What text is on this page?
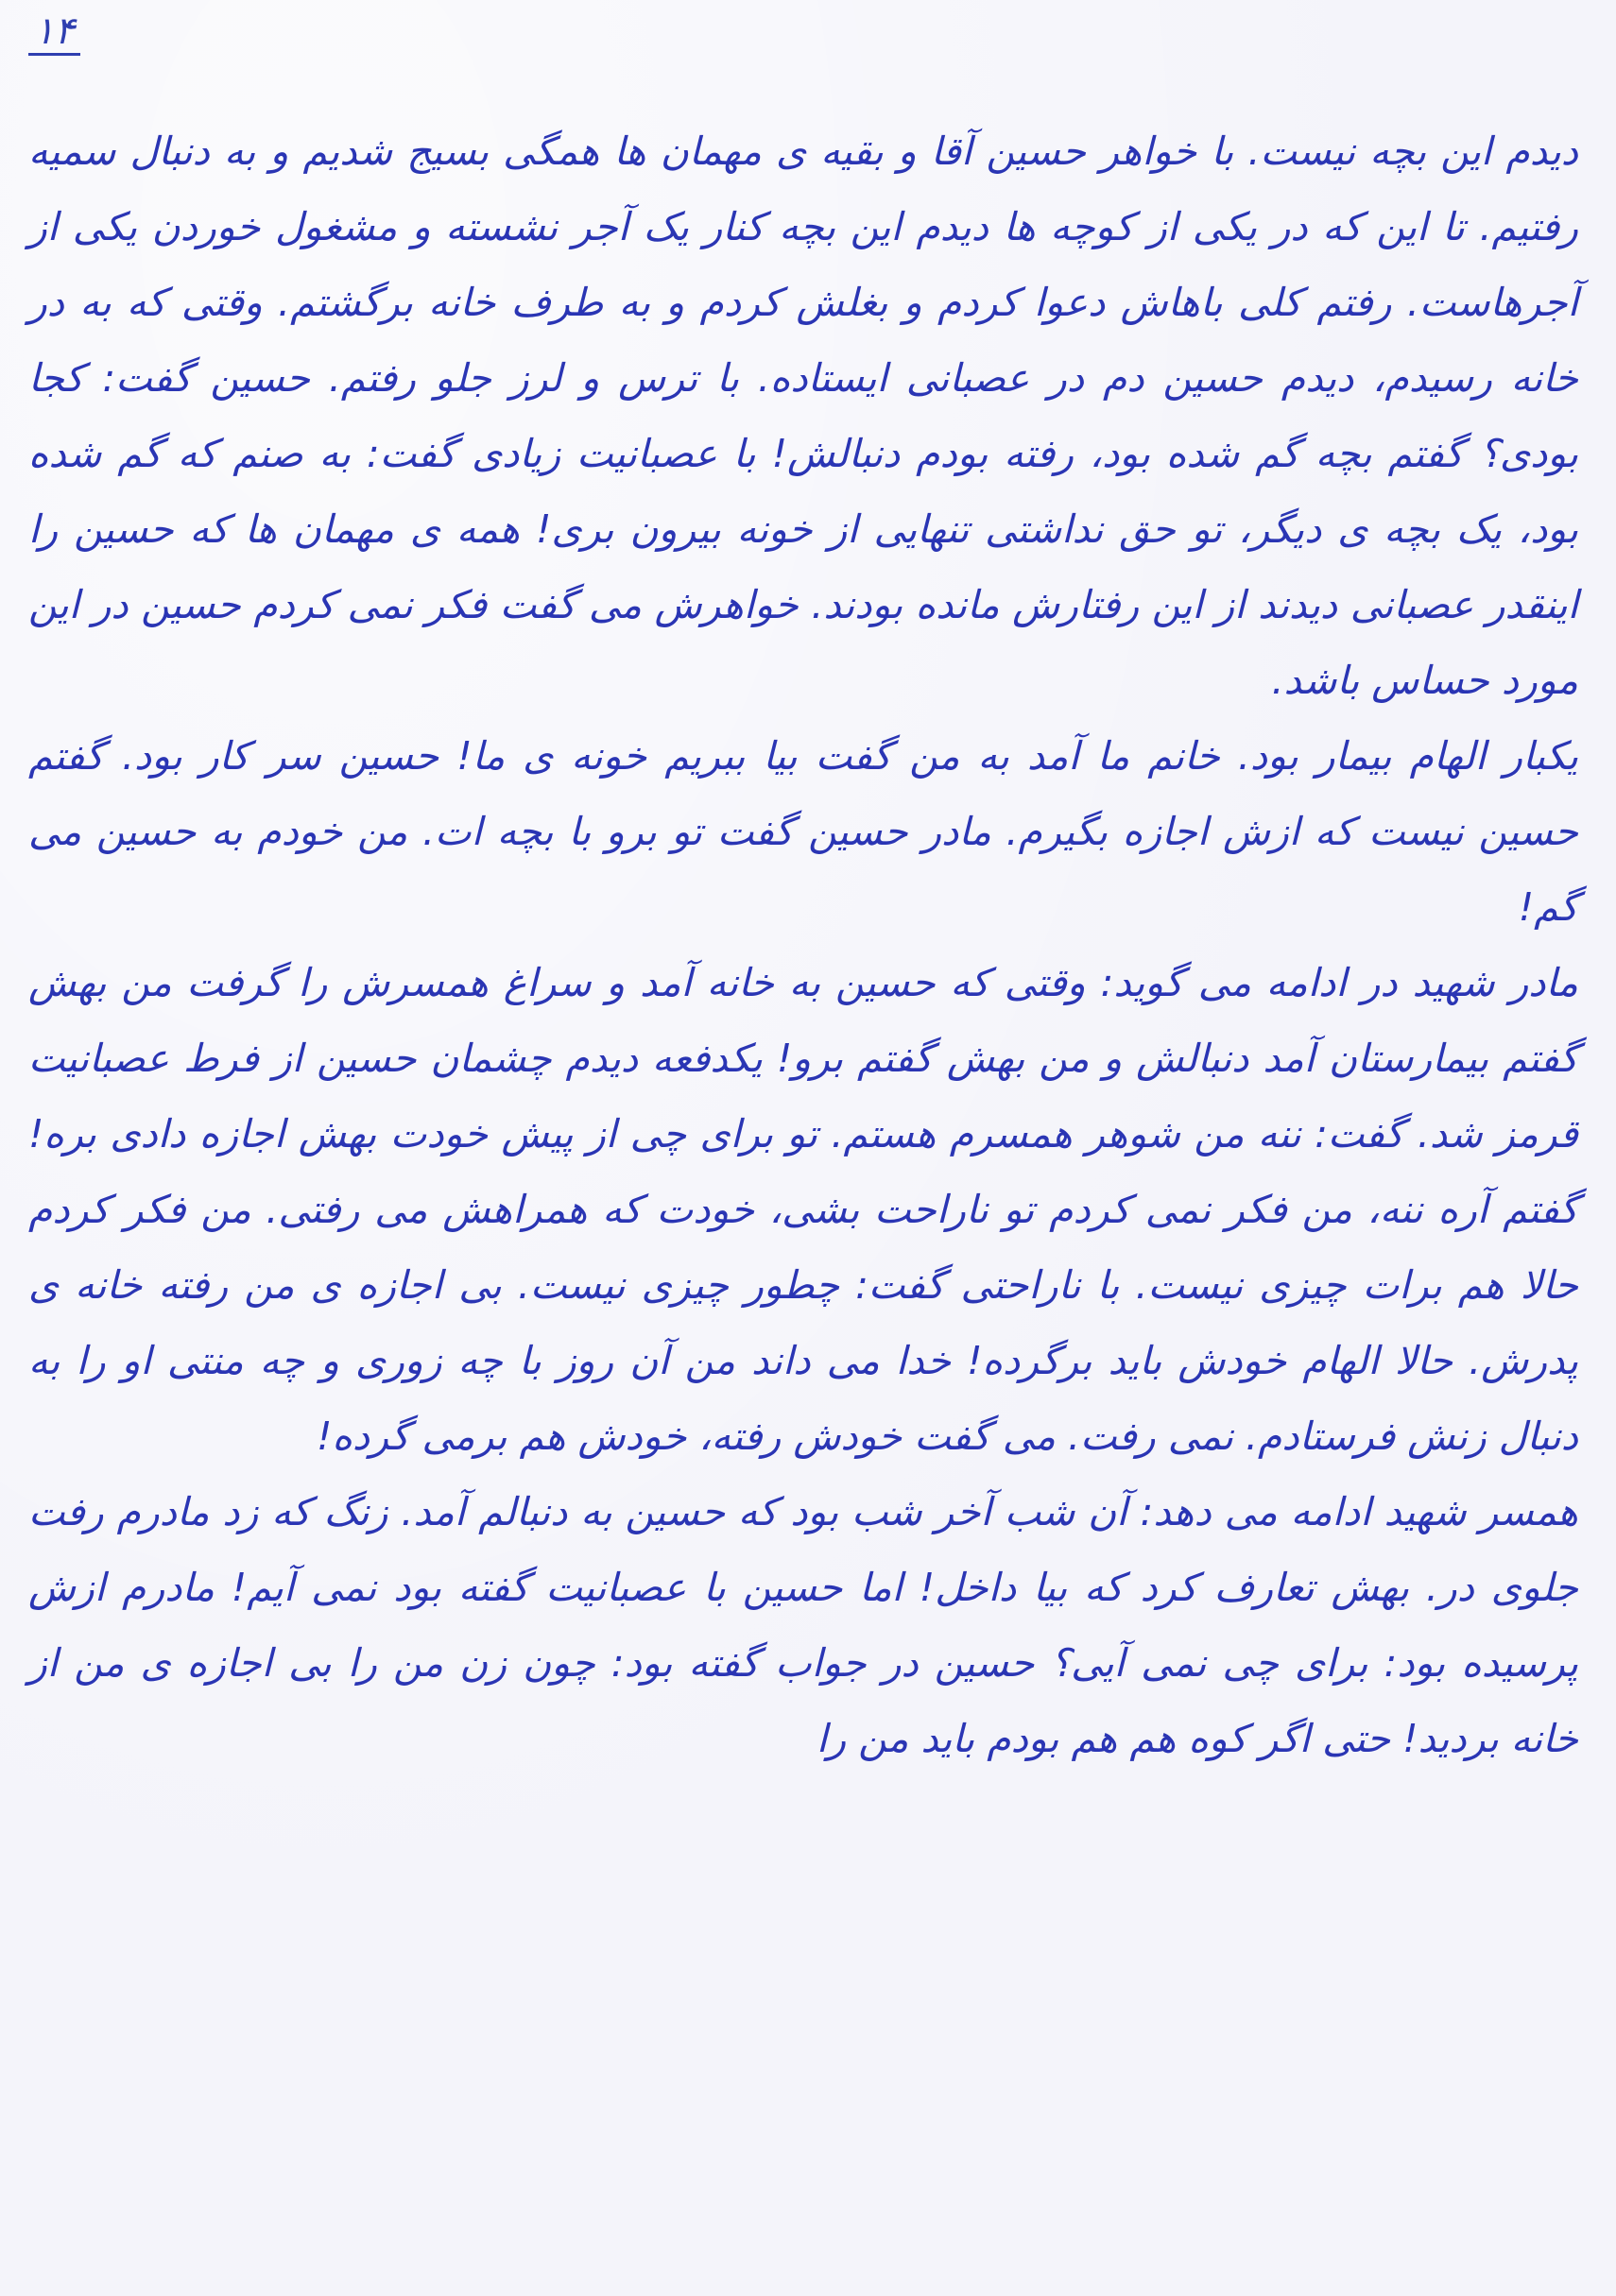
۱۴

دیدم این بچه نیست. با خواهر حسین آقا و بقیه ی مهمان ها همگی بسیج شدیم و به دنبال سمیه رفتیم. تا این که در یکی از کوچه ها دیدم این بچه کنار یک آجر نشسته و مشغول خوردن یکی از آجرهاست. رفتم کلی باهاش دعوا کردم و بغلش کردم و به طرف خانه برگشتم. وقتی که به در خانه رسیدم، دیدم حسین دم در عصبانی ایستاده. با ترس و لرز جلو رفتم. حسین گفت: کجا بودی؟ گفتم بچه گم شده بود، رفته بودم دنبالش! با عصبانیت زیادی گفت: به صنم که گم شده بود، یک بچه ی دیگر، تو حق نداشتی تنهایی از خونه بیرون بری! همه ی مهمان ها که حسین را اینقدر عصبانی دیدند از این رفتارش مانده بودند. خواهرش می گفت فکر نمی کردم حسین در این مورد حساس باشد.

یکبار الهام بیمار بود. خانم ما آمد به من گفت بیا ببریم خونه ی ما! حسین سر کار بود. گفتم حسین نیست که ازش اجازه بگیرم. مادر حسین گفت تو برو با بچه ات. من خودم به حسین می گم!

مادر شهید در ادامه می گوید: وقتی که حسین به خانه آمد و سراغ همسرش را گرفت من بهش گفتم بیمارستان آمد دنبالش و من بهش گفتم برو! یکدفعه دیدم چشمان حسین از فرط عصبانیت قرمز شد. گفت: ننه من شوهر همسرم هستم. تو برای چی از پیش خودت بهش اجازه دادی بره! گفتم آره ننه، من فکر نمی کردم تو ناراحت بشی، خودت که همراهش می رفتی. من فکر کردم حالا هم برات چیزی نیست. با ناراحتی گفت: چطور چیزی نیست. بی اجازه ی من رفته خانه ی پدرش. حالا الهام خودش باید برگرده! خدا می داند من آن روز با چه زوری و چه منتی او را به دنبال زنش فرستادم. نمی رفت. می گفت خودش رفته، خودش هم برمی گرده!

همسر شهید ادامه می دهد: آن شب آخر شب بود که حسین به دنبالم آمد. زنگ که زد مادرم رفت جلوی در. بهش تعارف کرد که بیا داخل! اما حسین با عصبانیت گفته بود نمی آیم! مادرم ازش پرسیده بود: برای چی نمی آیی؟ حسین در جواب گفته بود: چون زن من را بی اجازه ی من از خانه بردید! حتی اگر کوه هم هم بودم باید من را
